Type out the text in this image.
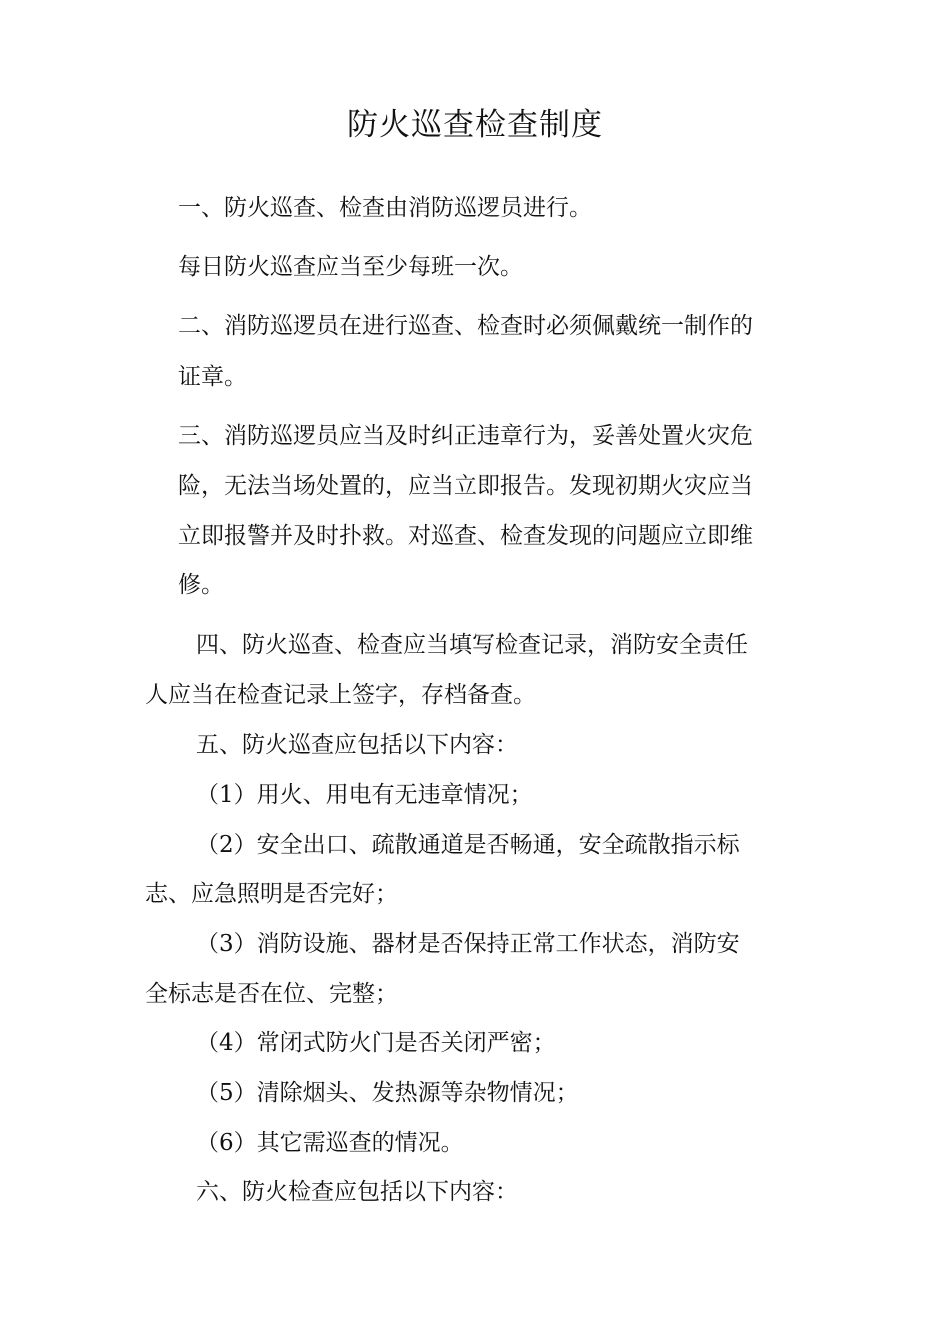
防火巡查检查制度

一、防火巡查、检查由消防巡逻员进行。

每日防火巡查应当至少每班一次。

二、消防巡逻员在进行巡查、检查时必须佩戴统一制作的

证章。

三、消防巡逻员应当及时纠正违章行为，妥善处置火灾危

险，无法当场处置的，应当立即报告。发现初期火灾应当

立即报警并及时扑救。对巡查、检查发现的问题应立即维

修。

四、防火巡查、检查应当填写检查记录，消防安全责任

人应当在检查记录上签字，存档备查。

五、防火巡查应包括以下内容：

（1）用火、用电有无违章情况；

（2）安全出口、疏散通道是否畅通，安全疏散指示标

志、应急照明是否完好；

（3）消防设施、器材是否保持正常工作状态，消防安

全标志是否在位、完整；

（4）常闭式防火门是否关闭严密；

（5）清除烟头、发热源等杂物情况；

（6）其它需巡查的情况。

六、防火检查应包括以下内容：
